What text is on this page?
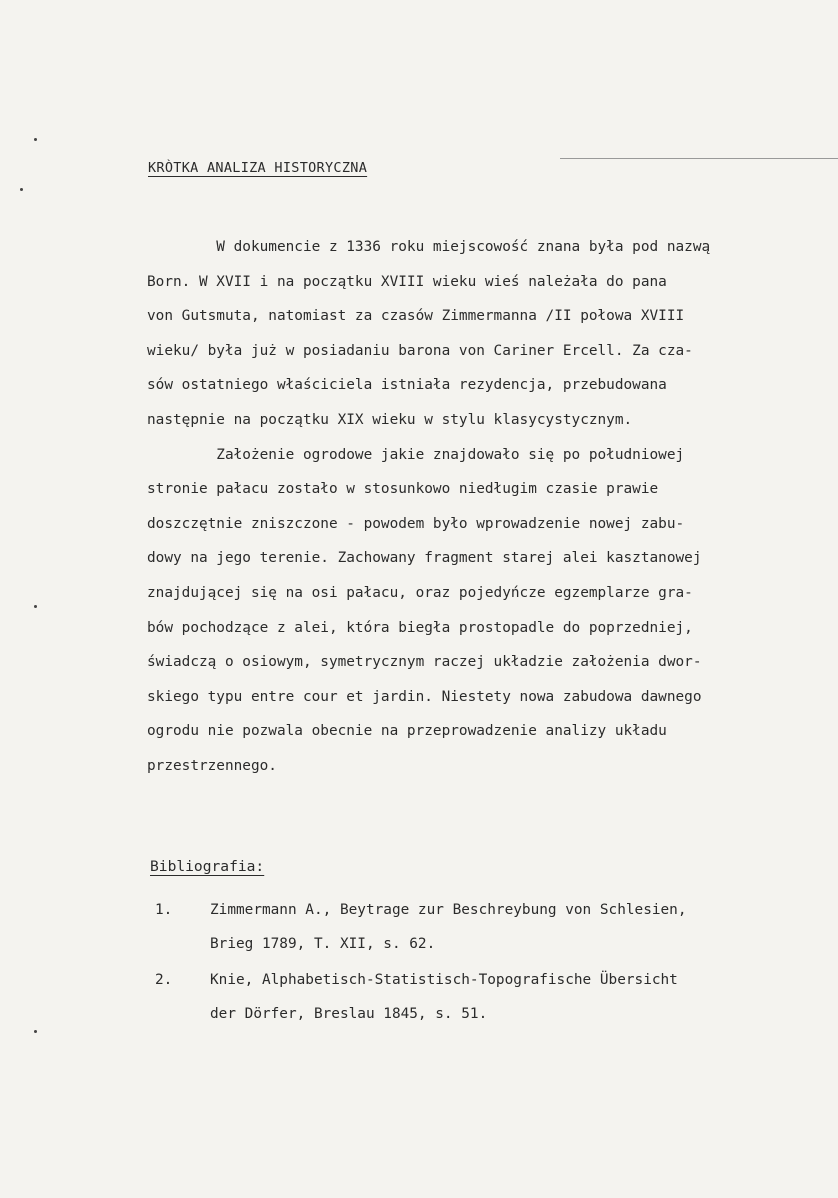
KRÒTKA ANALIZA HISTORYCZNA
W dokumencie z 1336 roku miejscowość znana była pod nazwą
Born. W XVII i na początku XVIII wieku wieś należała do pana
von Gutsmuta, natomiast za czasów Zimmermanna /II połowa XVIII
wieku/ była już w posiadaniu barona von Cariner Ercell. Za cza-
sów ostatniego właściciela istniała rezydencja, przebudowana
następnie na początku XIX wieku w stylu klasycystycznym.
Założenie ogrodowe jakie znajdowało się po południowej
stronie pałacu zostało w stosunkowo niedługim czasie prawie
doszczętnie zniszczone - powodem było wprowadzenie nowej zabu-
dowy na jego terenie. Zachowany fragment starej alei kasztanowej
znajdującej się na osi pałacu, oraz pojedyńcze egzemplarze gra-
bów pochodzące z alei, która biegła prostopadle do poprzedniej,
świadczą o osiowym, symetrycznym raczej układzie założenia dwor-
skiego typu entre cour et jardin. Niestety nowa zabudowa dawnego
ogrodu nie pozwala obecnie na przeprowadzenie analizy układu
przestrzennego.
Bibliografia:
1.	Zimmermann A., Beytrage zur Beschreybung von Schlesien,
Brieg 1789, T. XII, s. 62.
2.	Knie, Alphabetisch-Statistisch-Topografische Übersicht
der Dörfer, Breslau 1845, s. 51.
